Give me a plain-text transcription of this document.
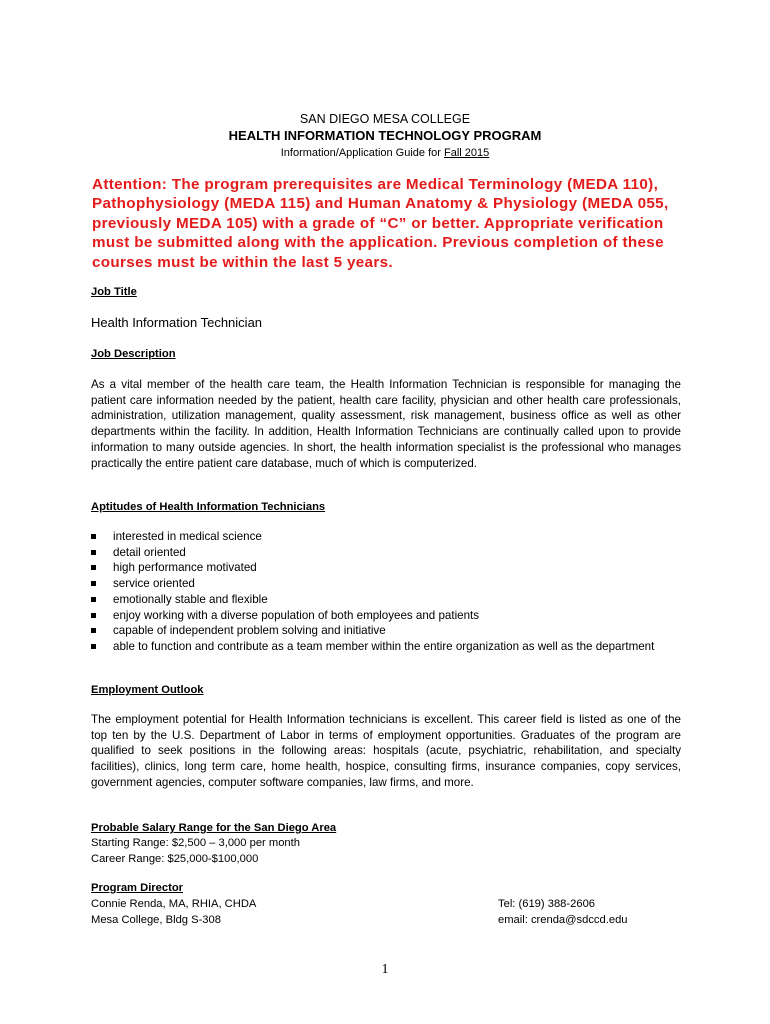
SAN DIEGO MESA COLLEGE
HEALTH INFORMATION TECHNOLOGY PROGRAM
Information/Application Guide for Fall 2015
Attention: The program prerequisites are Medical Terminology (MEDA 110), Pathophysiology (MEDA 115) and Human Anatomy & Physiology (MEDA 055, previously MEDA 105) with a grade of “C” or better. Appropriate verification must be submitted along with the application. Previous completion of these courses must be within the last 5 years.
Job Title
Health Information Technician
Job Description
As a vital member of the health care team, the Health Information Technician is responsible for managing the patient care information needed by the patient, health care facility, physician and other health care professionals, administration, utilization management, quality assessment, risk management, business office as well as other departments within the facility. In addition, Health Information Technicians are continually called upon to provide information to many outside agencies. In short, the health information specialist is the professional who manages practically the entire patient care database, much of which is computerized.
Aptitudes of Health Information Technicians
interested in medical science
detail oriented
high performance motivated
service oriented
emotionally stable and flexible
enjoy working with a diverse population of both employees and patients
capable of independent problem solving and initiative
able to function and contribute as a team member within the entire organization as well as the department
Employment Outlook
The employment potential for Health Information technicians is excellent. This career field is listed as one of the top ten by the U.S. Department of Labor in terms of employment opportunities. Graduates of the program are qualified to seek positions in the following areas: hospitals (acute, psychiatric, rehabilitation, and specialty facilities), clinics, long term care, home health, hospice, consulting firms, insurance companies, copy services, government agencies, computer software companies, law firms, and more.
Probable Salary Range for the San Diego Area
Starting Range: $2,500 – 3,000 per month
Career Range: $25,000-$100,000
Program Director
Connie Renda, MA, RHIA, CHDA
Mesa College, Bldg S-308
Tel: (619) 388-2606
email: crenda@sdccd.edu
1
